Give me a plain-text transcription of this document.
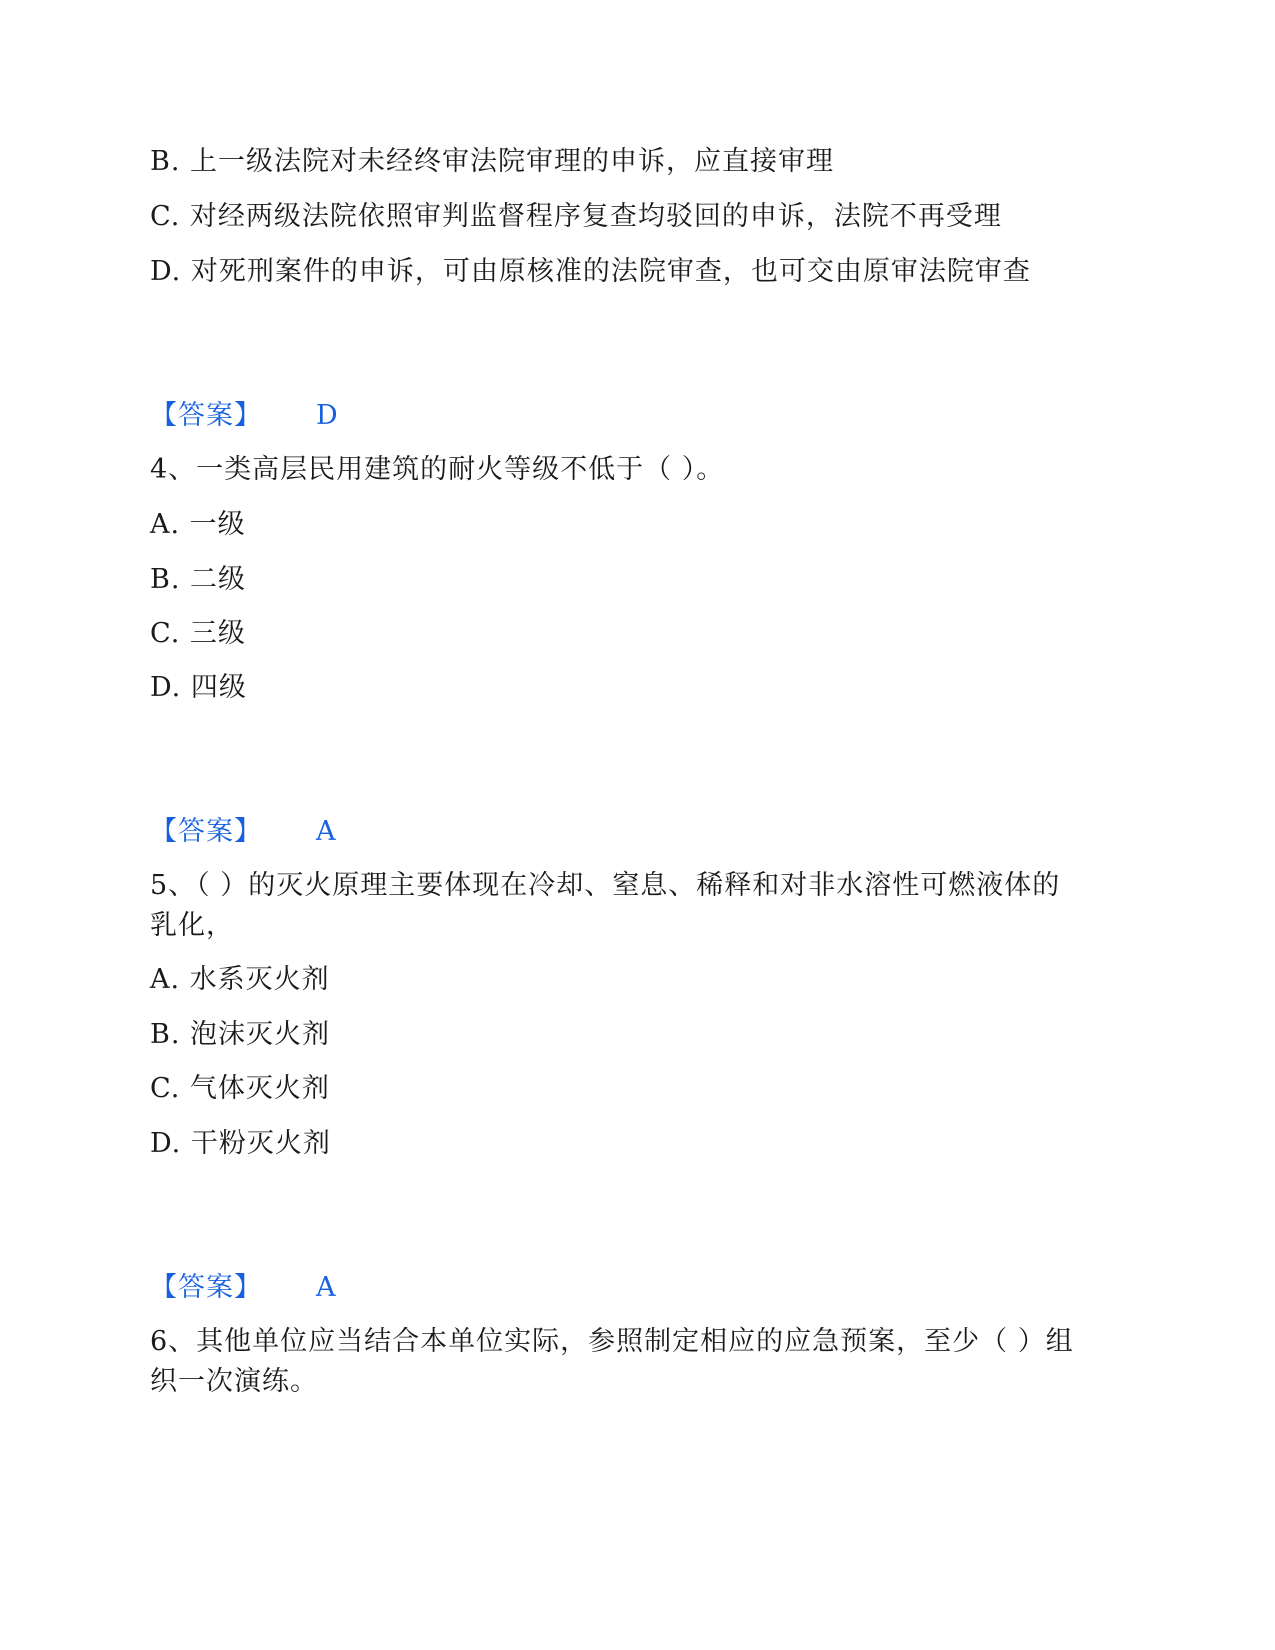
B. 上一级法院对未经终审法院审理的申诉，应直接审理
C. 对经两级法院依照审判监督程序复查均驳回的申诉，法院不再受理
D. 对死刑案件的申诉，可由原核准的法院审查，也可交由原审法院审查
【答案】 D
4、一类高层民用建筑的耐火等级不低于（ ）。
A. 一级
B. 二级
C. 三级
D. 四级
【答案】 A
5、（ ）的灭火原理主要体现在冷却、窒息、稀释和对非水溶性可燃液体的
乳化，
A. 水系灭火剂
B. 泡沫灭火剂
C. 气体灭火剂
D. 干粉灭火剂
【答案】 A
6、其他单位应当结合本单位实际，参照制定相应的应急预案，至少（ ）组
织一次演练。
